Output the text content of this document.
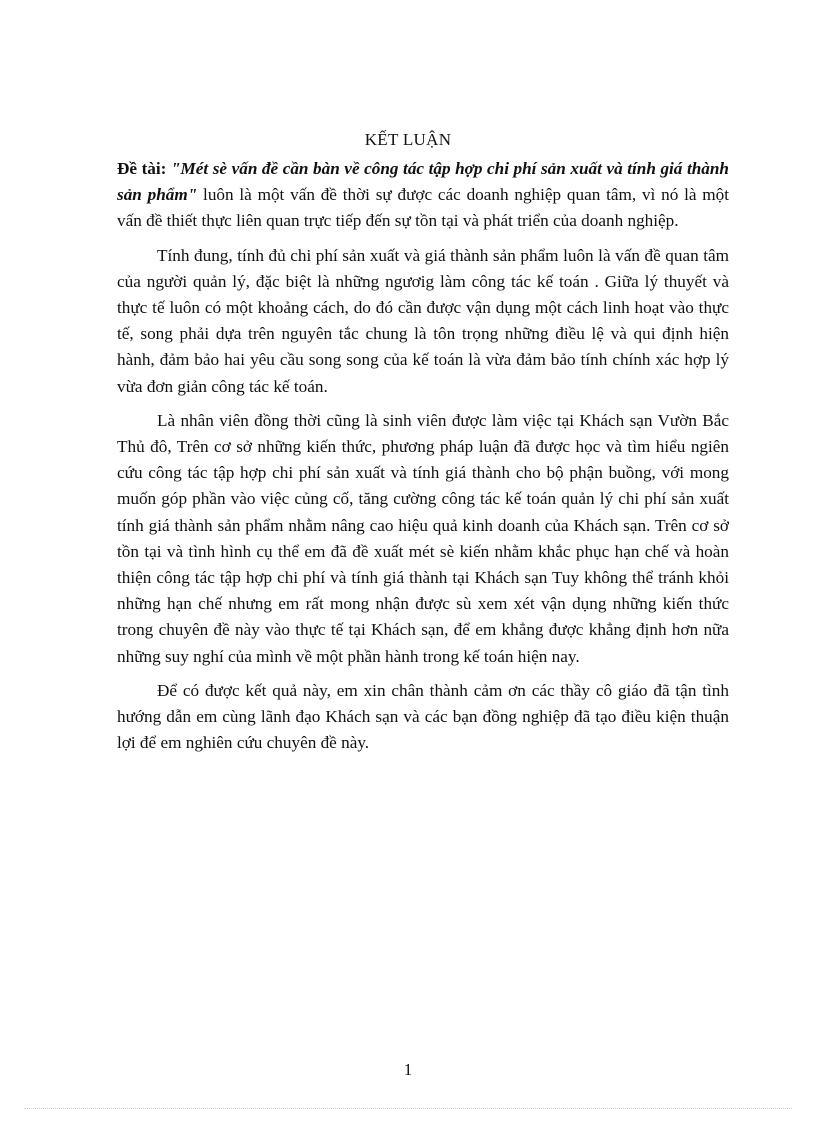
KẾT LUẬN

Đề tài: "Mét sè vấn đề cần bàn về công tác tập hợp chi phí sản xuất và tính giá thành sản phẩm" luôn là một vấn đề thời sự được các doanh nghiệp quan tâm, vì nó là một vấn đề thiết thực liên quan trực tiếp đến sự tồn tại và phát triển của doanh nghiệp.

Tính đung, tính đủ chi phí sản xuất và giá thành sản phẩm luôn là vấn đề quan tâm của người quản lý, đặc biệt là những ngươig làm công tác kế toán . Giữa lý thuyết và thực tế luôn có một khoảng cách, do đó cần được vận dụng một cách linh hoạt vào thực tế, song phải dựa trên nguyên tắc chung là tôn trọng những điều lệ và qui định hiện hành, đảm bảo hai yêu cầu song song của kế toán là vừa đảm bảo tính chính xác hợp lý vừa đơn giản công tác kế toán.

Là nhân viên đồng thời cũng là sinh viên được làm việc tại Khách sạn Vườn Bắc Thủ đô, Trên cơ sở những kiến thức, phương pháp luận đã được học và tìm hiểu ngiên cứu công tác tập hợp chi phí sản xuất và tính giá thành cho bộ phận buồng, với mong muốn góp phần vào việc củng cố, tăng cường công tác kế toán quản lý chi phí sản xuất tính giá thành sản phẩm nhằm nâng cao hiệu quả kinh doanh của Khách sạn. Trên cơ sở tồn tại và tình hình cụ thể em đã đề xuất mét sè kiến nhằm khắc phục hạn chế và hoàn thiện công tác tập hợp chi phí và tính giá thành tại Khách sạn Tuy không thể tránh khỏi những hạn chế nhưng em rất mong nhận được sù xem xét vận dụng những kiến thức trong chuyên đề này vào thực tế tại Khách sạn, để em khẳng được khẳng định hơn nữa những suy nghí của mình về một phần hành trong kế toán hiện nay.

Để có được kết quả này, em xin chân thành cảm ơn các thầy cô giáo đã tận tình hướng dẫn em cùng lãnh đạo Khách sạn và các bạn đồng nghiệp đã tạo điều kiện thuận lợi để em nghiên cứu chuyên đề này.

1
